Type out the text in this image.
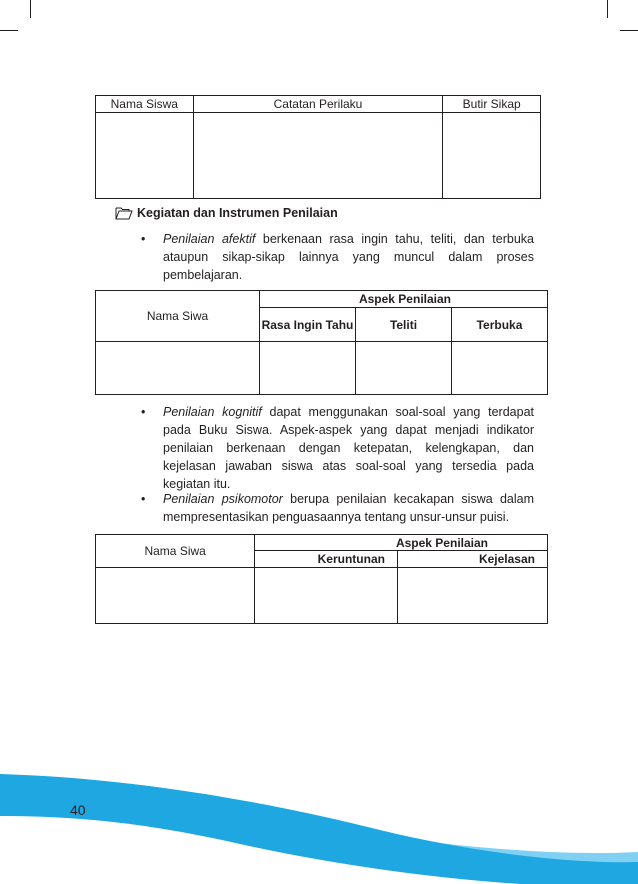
Nama Siswa	Catatan Perilaku	Butir Sikap

Kegiatan dan Instrumen Penilaian
• Penilaian afektif berkenaan rasa ingin tahu, teliti, dan terbuka ataupun sikap-sikap lainnya yang muncul dalam proses pembelajaran.
Nama Siwa	Aspek Penilaian		
	Rasa Ingin Tahu	Teliti	Terbuka

• Penilaian kognitif dapat menggunakan soal-soal yang terdapat pada Buku Siswa. Aspek-aspek yang dapat menjadi indikator penilaian berkenaan dengan ketepatan, kelengkapan, dan kejelasan jawaban siswa atas soal-soal yang tersedia pada kegiatan itu.
• Penilaian psikomotor berupa penilaian kecakapan siswa dalam mempresentasikan penguasaannya tentang unsur-unsur puisi.
Nama Siwa	Aspek Penilaian	
	Keruntunan	Kejelasan

40
